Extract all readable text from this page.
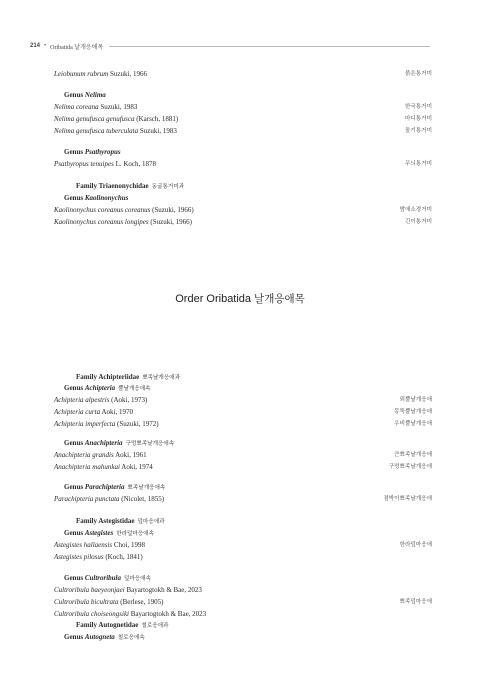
214 • Oribatida 날개응애목
Leiobunum rubrum Suzuki, 1966	붉은통거미
Genus Nelima
Nelima coreana Suzuki, 1983	한국통거미
Nelima genufusca genufusca (Karsch, 1881)	마디통거미
Nelima genufusca tuberculata Suzuki, 1983	돌기통거미
Genus Psathyropus
Psathyropus tenuipes L. Koch, 1878	무늬통거미
Family Triaenonychidae 동굴통거미과
Genus Kaolinonychus
Kaolinonychus coreanus coreanus (Suzuki, 1966)	밤애소경거미
Kaolinonychus coreanus longipes (Suzuki, 1966)	긴이통거미
Order Oribatida 날개응애목
Family Achipteriidae 뾰족날개응애과
Genus Achipteria 뿔날개응애속
Achipteria alpestris (Aoki, 1973)	뫼뿔날개응애
Achipteria curta Aoki, 1970	몽뚝뿔날개응애
Achipteria imperfecta (Suzuki, 1972)	우비뿔날개응애
Genus Anachipteria 구멍뾰족날개응애속
Anachipteria grandis Aoki, 1961	큰뾰족날개응애
Anachipteria mahunkai Aoki, 1974	구멍뾰족날개응애
Genus Parachipteria 뾰족날개응애속
Parachipteria punctata (Nicolet, 1855)	점박이뾰족날개응애
Family Astegistidae 덮마응애과
Genus Astegistes 한라덮마응애속
Astegistes hallaensis Choi, 1998	한라덮마응애
Astegistes pilosus (Koch, 1841)
Genus Cultroribula 덮마응애속
Cultroribula baeyeonjaei Bayartogtokh & Bae, 2023
Cultroribula bicultrata (Berlese, 1905)	뾰족덮마응애
Cultroribula choiseongsiki Bayartogtokh & Bae, 2023
Family Autognetidae 철로응애과
Genus Autogneta 철로응애속
